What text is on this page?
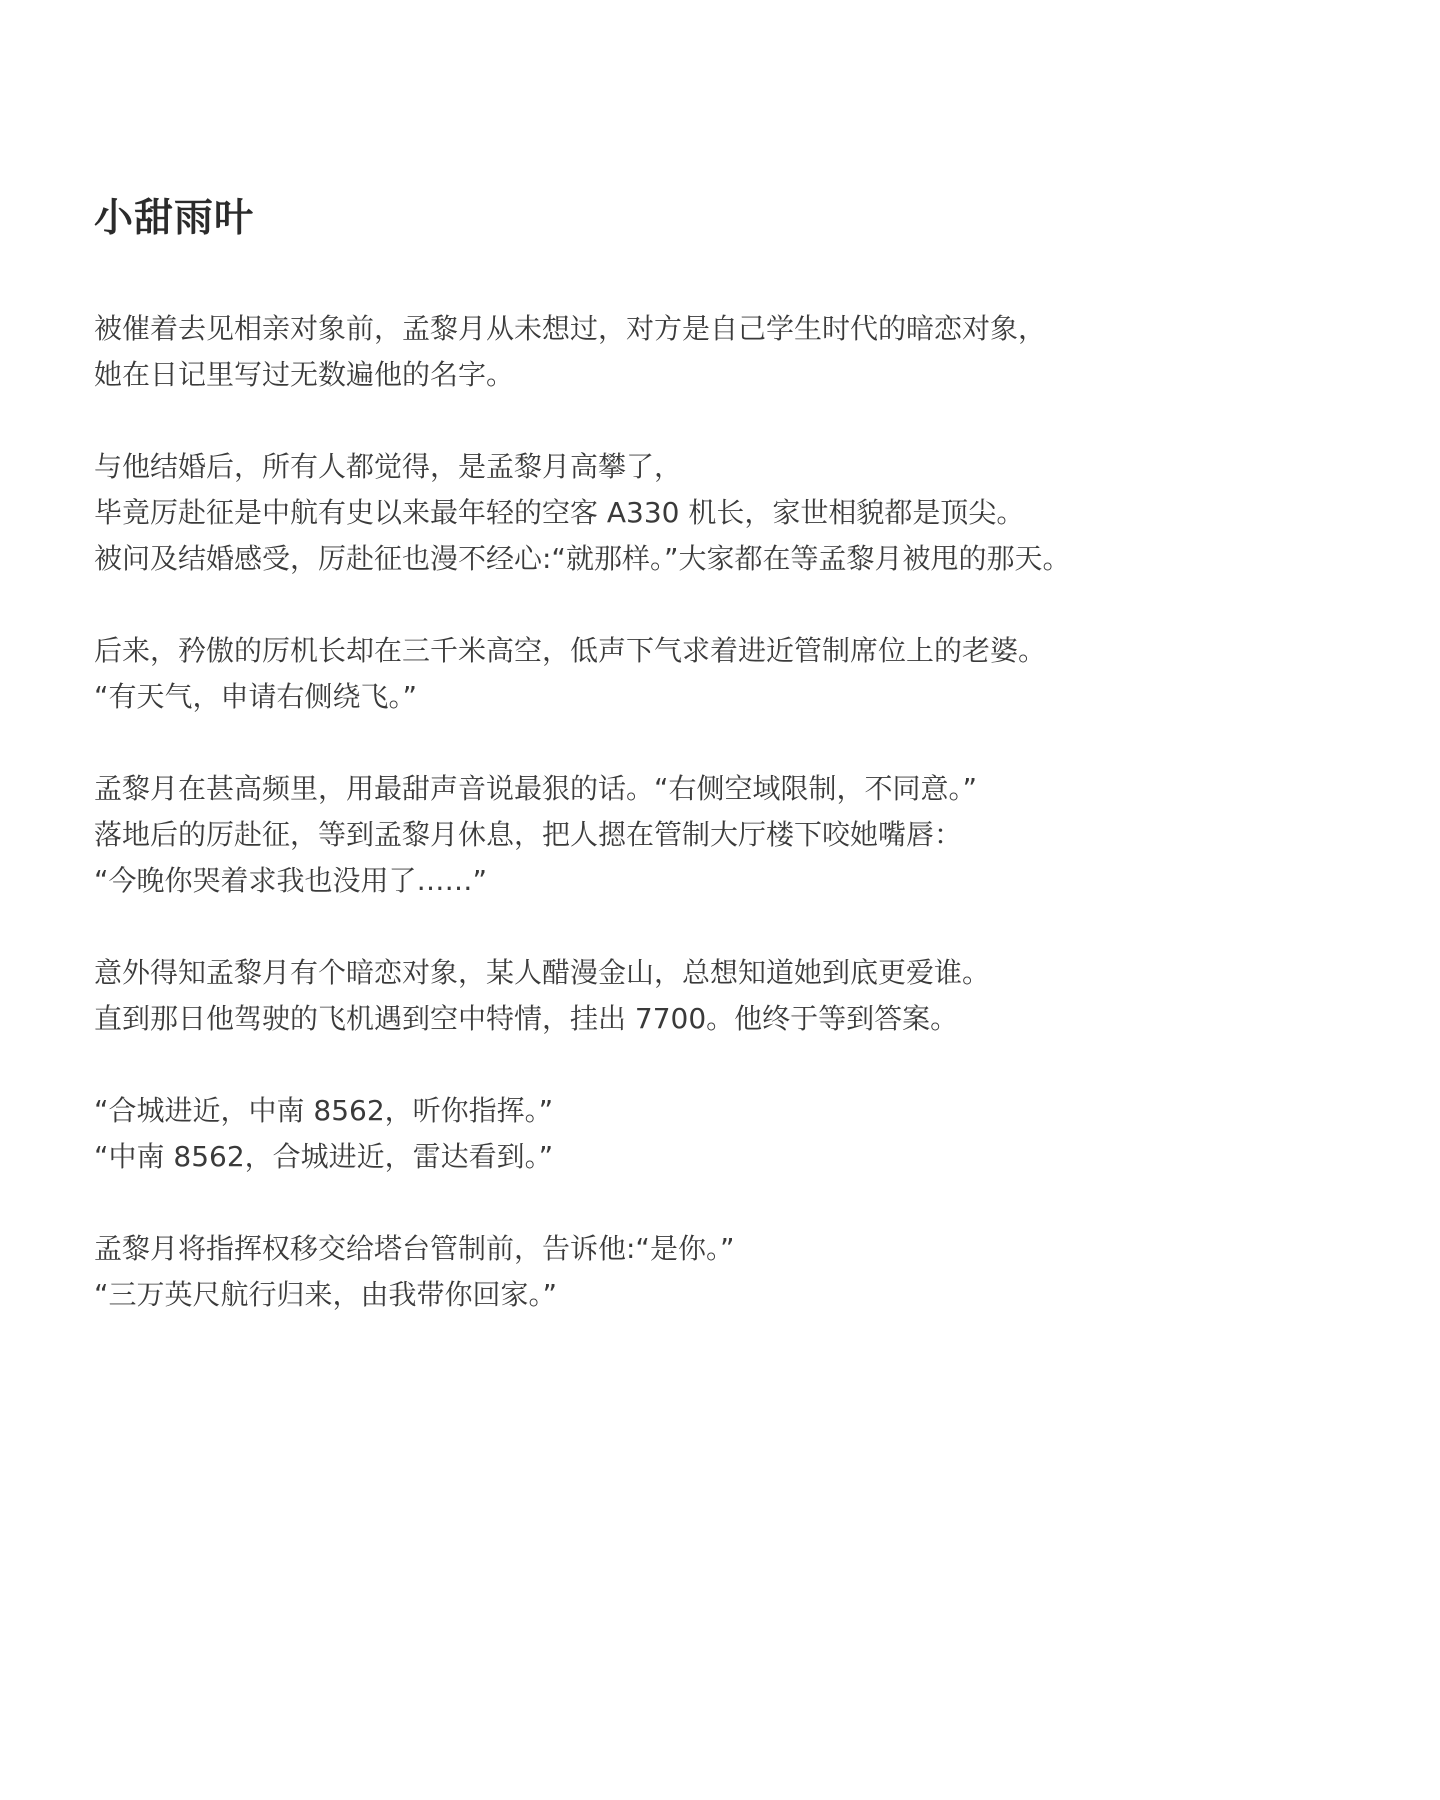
小甜雨叶
被催着去见相亲对象前，孟黎月从未想过，对方是自己学生时代的暗恋对象，
她在日记里写过无数遍他的名字。
与他结婚后，所有人都觉得，是孟黎月高攀了，
毕竟厉赴征是中航有史以来最年轻的空客 A330 机长，家世相貌都是顶尖。
被问及结婚感受，厉赴征也漫不经心:“就那样。”大家都在等孟黎月被甩的那天。
后来，矜傲的厉机长却在三千米高空，低声下气求着进近管制席位上的老婆。
“有天气，申请右侧绕飞。”
孟黎月在甚高频里，用最甜声音说最狠的话。“右侧空域限制，不同意。”
落地后的厉赴征，等到孟黎月休息，把人摁在管制大厅楼下咬她嘴唇：
“今晚你哭着求我也没用了……”
意外得知孟黎月有个暗恋对象，某人醋漫金山，总想知道她到底更爱谁。
直到那日他驾驶的飞机遇到空中特情，挂出 7700。他终于等到答案。
“合城进近，中南 8562，听你指挥。”
“中南 8562，合城进近，雷达看到。”
孟黎月将指挥权移交给塔台管制前，告诉他:“是你。”
“三万英尺航行归来，由我带你回家。”
